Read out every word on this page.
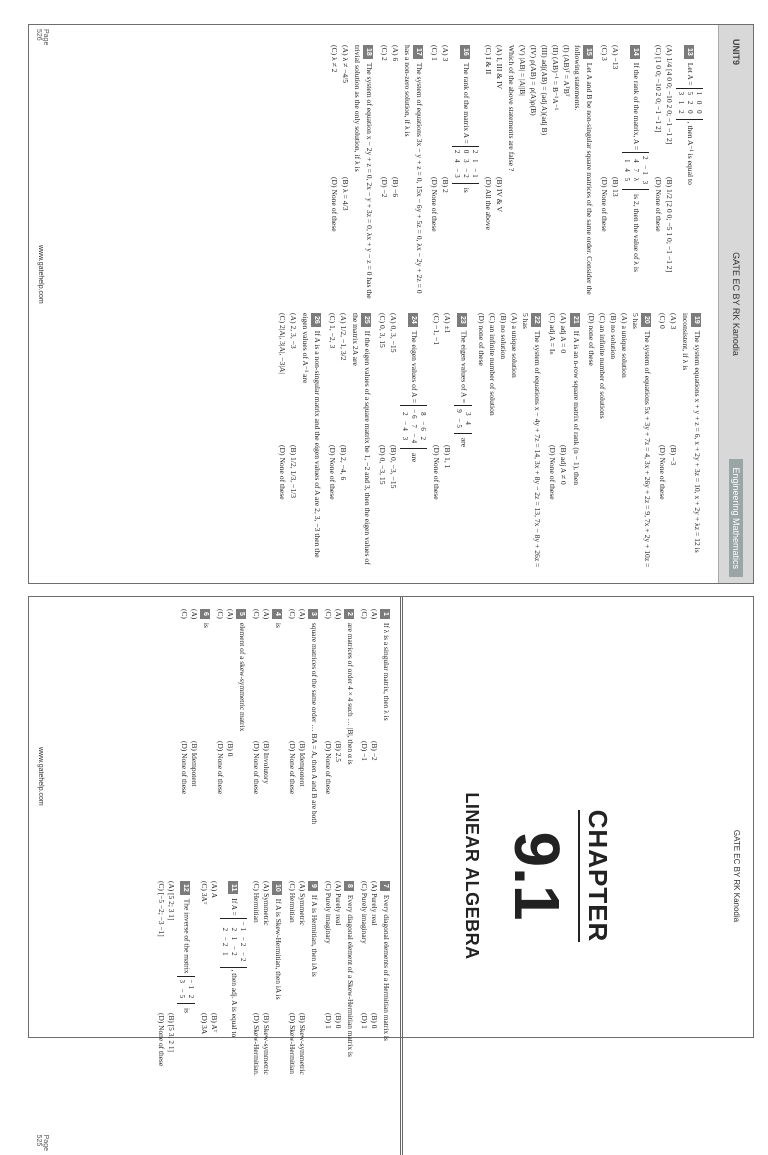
UNIT9
GATE EC BY RK Kanodia
Engineering Mathematics
13Let A =
1 0 0
5 2 0
3 1 2
, then A⁻¹ is equal to
(A) 1/4 [4 0 0; −10 2 0; −1 −1 2]
(B) 1/2 [2 0 0; −5 1 0; −1 −1 2]
(C) [1 0 0; −10 2 0; −1 −1 2]
(D) None of these
14If the rank of the matrix, A =
2 −1 3
4 7 λ
1 4 5
is 2, then the value of λ is
(A) −13
(B) 13
(C) 3
(D) None of these
15Let A and B be non-singular square matrices of the same order. Consider the following statements.
(I) (AB)ᵀ = AᵀBᵀ
(II) (AB)⁻¹ = B⁻¹A⁻¹
(III) adj(AB) = (adj A)(adj B)
(IV) ρ(AB) = ρ(A)ρ(B)
(V) |AB| = |A||B|
Which of the above statements are false ?
(A) I, III & IV
(B) IV & V
(C) I & II
(D) All the above
16The rank of the matrix A =
2 1 −1
0 3 −2
2 4 −3
is
(A) 3
(B) 2
(C) 1
(D) None of these
17The system of equations 3x − y + z = 0, 15x − 6y + 5z = 0, λx − 2y + 2z = 0 has a non-zero solution, if λ is
(A) 6
(B) −6
(C) 2
(D) −2
18The system of equation x − 2y + z = 0, 2x − y + 3z = 0, λx + y − z = 0 has the trivial solution as the only solution, if λ is
(A) λ ≠ −4/5
(B) λ = 4/3
(C) λ ≠ 2
(D) None of these
19The system equations x + y + z = 6, x + 2y + 3z = 10, x + 2y + λz = 12 is inconsistent, if λ is
(A) 3
(B) −3
(C) 0
(D) None of these
20The system of equations 5x + 3y + 7z = 4, 3x + 26y + 2z = 9, 7x + 2y + 10z = 5 has
(A) a unique solution
(B) no solution
(C) an infinite number of solutions
(D) none of these
21If A is an n-row square matrix of rank (n − 1), then
(A) adj A = 0
(B) adj A ≠ 0
(C) adj A = Iₙ
(D) None of these
22The system of equations x − 4y + 7z = 14, 3x + 8y − 2z = 13, 7x − 8y + 26z = 5 has
(A) a unique solution
(B) no solution
(C) an infinite number of solution
(D) none of these
23The eigen values of A =
3 4
9 −5
are
(A) ±1
(B) 1, 1
(C) −1, −1
(D) None of these
24The eigen values of A =
8 −6 2
−6 7 −4
2 −4 3
are
(A) 0, 3, −15
(B) 0, −3, −15
(C) 0, 3, 15
(D) 0, −3, 15
25If the eigen values of a square matrix be 1, −2 and 3, then the eigen values of the matrix 2A are
(A) 1/2, −1, 3/2
(B) 2, −4, 6
(C) 1, −2, 3
(D) None of these
26If A is a non-singular matrix and the eigen values of A are 2, 3, −3 then the eigen values of A⁻¹ are
(A) 2, 3, −3
(B) 1/2, 1/3, −1/3
(C) 2|A|, 3|A|, −3|A|
(D) None of these
Page
526
www.gatehelp.com
GATE EC BY RK Kanodia
CHAPTER
9.1
LINEAR ALGEBRA
1If λ is a singular matrix, then λ is
(A)
(B) −2
(C)
(D) −1
2are matrices of order 4 × 4 such … |B|, then α is
(A)
(B) 2.5
(C)
(D) None of these
3square matrices of the same order … BA = A, then A and B are both
(A)
(B) Idempotent
(C)
(D) None of these
4is
(A)
(B) Involutory
(C)
(D) None of these
5element of a skew-symmetric matrix
(A)
(B) 0
(C)
(D) None of these
6is
(A)
(B) Idempotent
(C)
(D) None of these
7Every diagonal elements of a Hermitian matrix is
(A) Purely real
(B) 0
(C) Purely imaginary
(D) 1
8Every diagonal element of a Skew-Hermitian matrix is
(A) Purely real
(B) 0
(C) Purely imaginary
(D) 1
9If A is Hermitian, then iA is
(A) Symmetric
(B) Skew-symmetric
(C) Hermitian
(D) Skew-Hermitian
10If A is Skew-Hermitian, then iA is
(A) Symmetric
(B) Skew-symmetric
(C) Hermitian
(D) Skew-Hermitian.
11If A =
−1 −2 −2
2 1 −2
2 −2 1
, then adj. A is equal to
(A) A
(B) Aᵀ
(C) 3Aᵀ
(D) 3A
12The inverse of the matrix
−1 2
3 −5
is
(A) [5 2; 3 1]
(B) [5 3; 2 1]
(C) [−5 −2; −3 −1]
(D) None of these
Page
525
www.gatehelp.com
